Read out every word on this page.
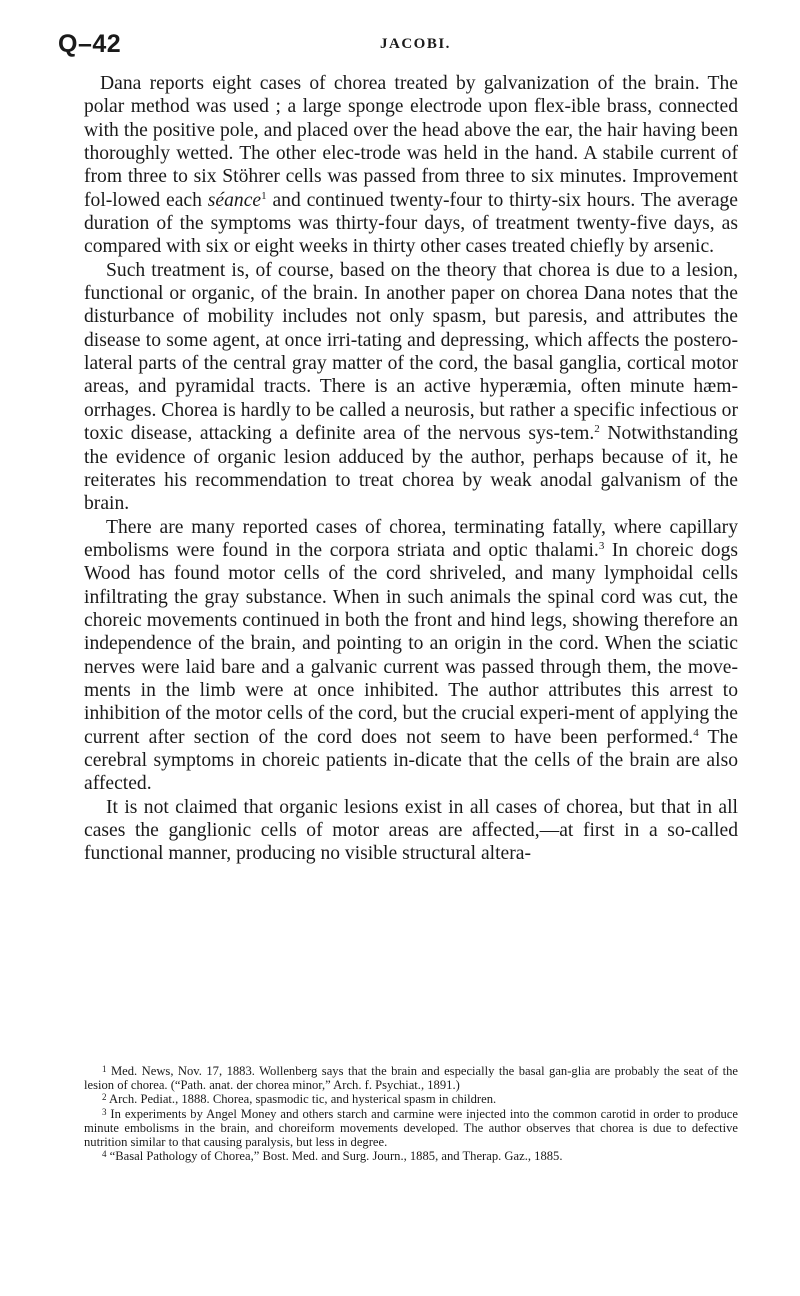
Q–42	JACOBI.

Dana reports eight cases of chorea treated by galvanization of the brain. The polar method was used ; a large sponge electrode upon flex-ible brass, connected with the positive pole, and placed over the head above the ear, the hair having been thoroughly wetted. The other elec-trode was held in the hand. A stabile current of from three to six Stöhrer cells was passed from three to six minutes. Improvement fol-lowed each séance$^1$ and continued twenty-four to thirty-six hours. The average duration of the symptoms was thirty-four days, of treatment twenty-five days, as compared with six or eight weeks in thirty other cases treated chiefly by arsenic.

Such treatment is, of course, based on the theory that chorea is due to a lesion, functional or organic, of the brain. In another paper on chorea Dana notes that the disturbance of mobility includes not only spasm, but paresis, and attributes the disease to some agent, at once irri-tating and depressing, which affects the postero-lateral parts of the central gray matter of the cord, the basal ganglia, cortical motor areas, and pyramidal tracts. There is an active hyperæmia, often minute hæm-orrhages. Chorea is hardly to be called a neurosis, but rather a specific infectious or toxic disease, attacking a definite area of the nervous sys-tem.$^2$ Notwithstanding the evidence of organic lesion adduced by the author, perhaps because of it, he reiterates his recommendation to treat chorea by weak anodal galvanism of the brain.

There are many reported cases of chorea, terminating fatally, where capillary embolisms were found in the corpora striata and optic thalami.$^3$ In choreic dogs Wood has found motor cells of the cord shriveled, and many lymphoidal cells infiltrating the gray substance. When in such animals the spinal cord was cut, the choreic movements continued in both the front and hind legs, showing therefore an independence of the brain, and pointing to an origin in the cord. When the sciatic nerves were laid bare and a galvanic current was passed through them, the move-ments in the limb were at once inhibited. The author attributes this arrest to inhibition of the motor cells of the cord, but the crucial experi-ment of applying the current after section of the cord does not seem to have been performed.$^4$ The cerebral symptoms in choreic patients in-dicate that the cells of the brain are also affected.

It is not claimed that organic lesions exist in all cases of chorea, but that in all cases the ganglionic cells of motor areas are affected,—at first in a so-called functional manner, producing no visible structural altera-

$^1$ Med. News, Nov. 17, 1883. Wollenberg says that the brain and especially the basal gan-glia are probably the seat of the lesion of chorea. (“Path. anat. der chorea minor,” Arch. f. Psychiat., 1891.)

$^2$ Arch. Pediat., 1888. Chorea, spasmodic tic, and hysterical spasm in children.

$^3$ In experiments by Angel Money and others starch and carmine were injected into the common carotid in order to produce minute embolisms in the brain, and choreiform movements developed. The author observes that chorea is due to defective nutrition similar to that causing paralysis, but less in degree.

$^4$ “Basal Pathology of Chorea,” Bost. Med. and Surg. Journ., 1885, and Therap. Gaz., 1885.
